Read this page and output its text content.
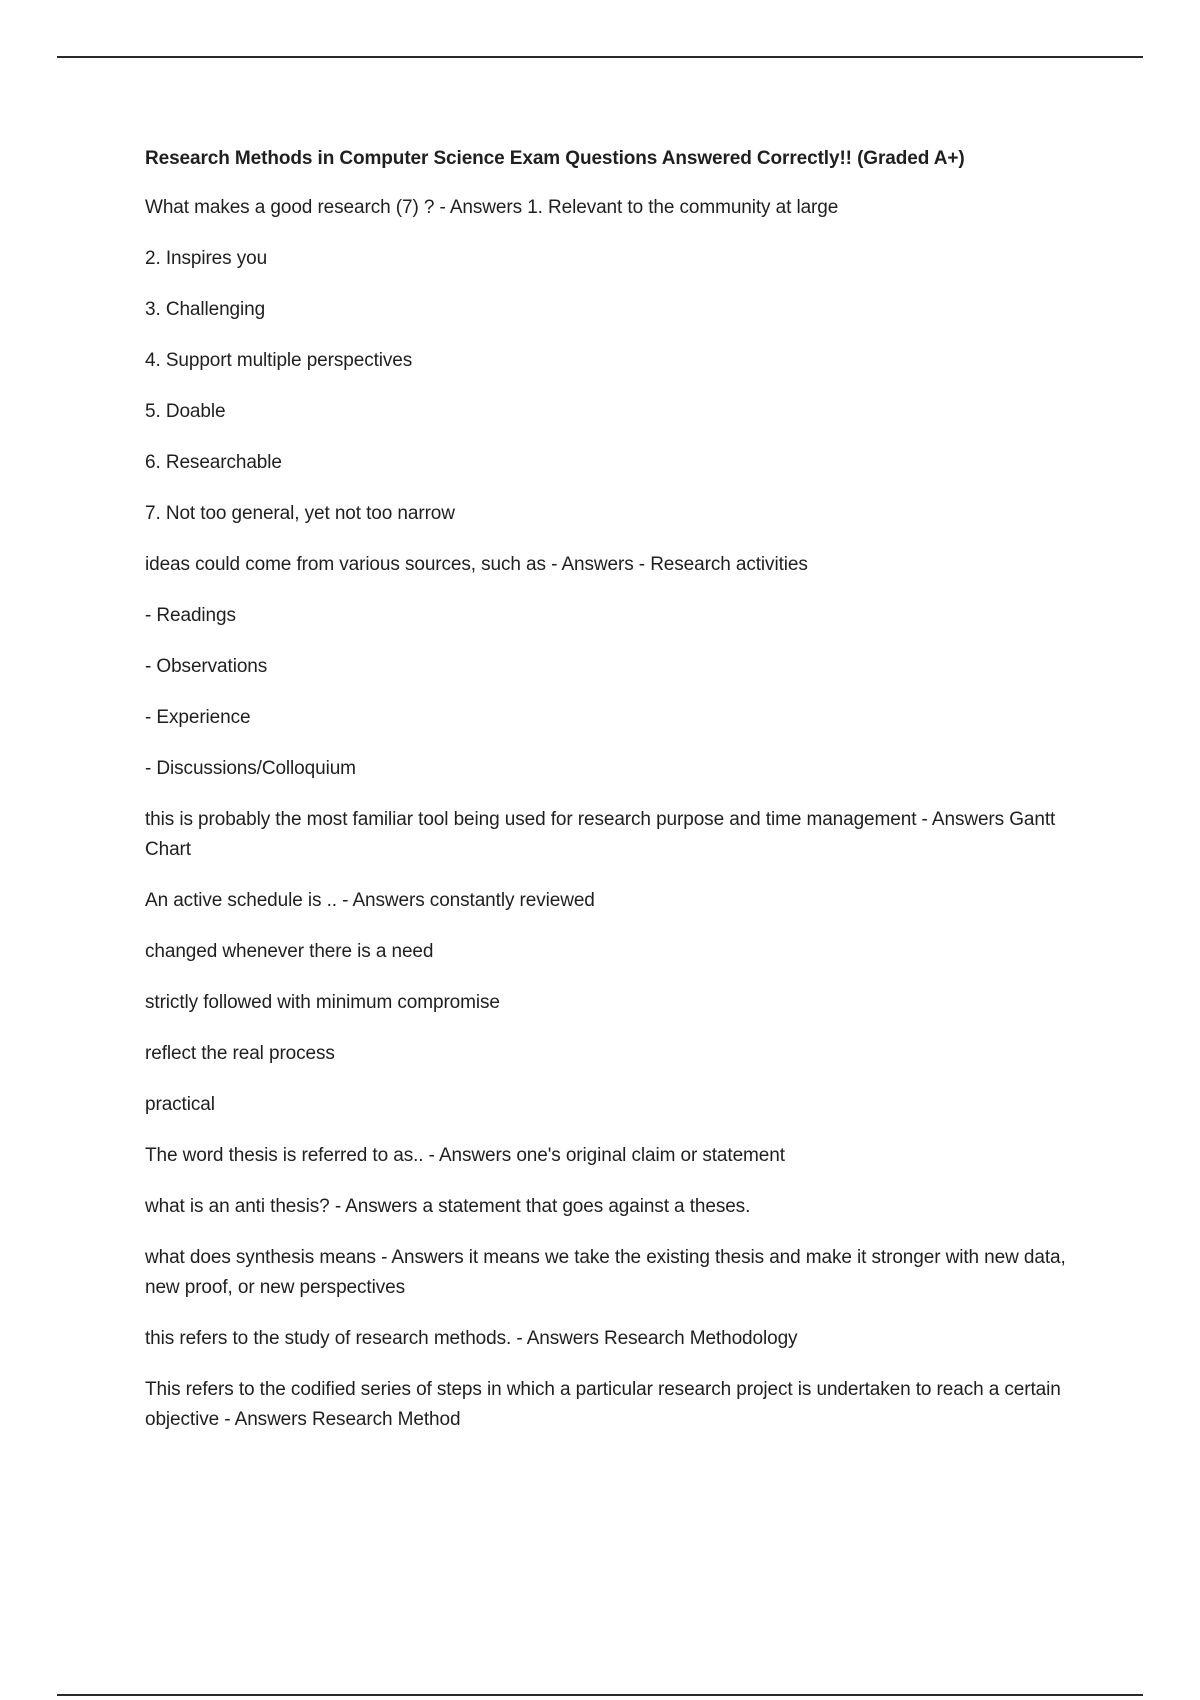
Research Methods in Computer Science Exam Questions Answered Correctly!! (Graded A+)
What makes a good research (7) ? - Answers 1. Relevant to the community at large
2. Inspires you
3. Challenging
4. Support multiple perspectives
5. Doable
6. Researchable
7. Not too general, yet not too narrow
ideas could come from various sources, such as - Answers - Research activities
- Readings
- Observations
- Experience
- Discussions/Colloquium
this is probably the most familiar tool being used for research purpose and time management - Answers Gantt Chart
An active schedule is .. - Answers constantly reviewed
changed whenever there is a need
strictly followed with minimum compromise
reflect the real process
practical
The word thesis is referred to as.. - Answers one's original claim or statement
what is an anti thesis? - Answers a statement that goes against a theses.
what does synthesis means - Answers it means we take the existing thesis and make it stronger with new data, new proof, or new perspectives
this refers to the study of research methods. - Answers Research Methodology
This refers to the codified series of steps in which a particular research project is undertaken to reach a certain objective - Answers Research Method
